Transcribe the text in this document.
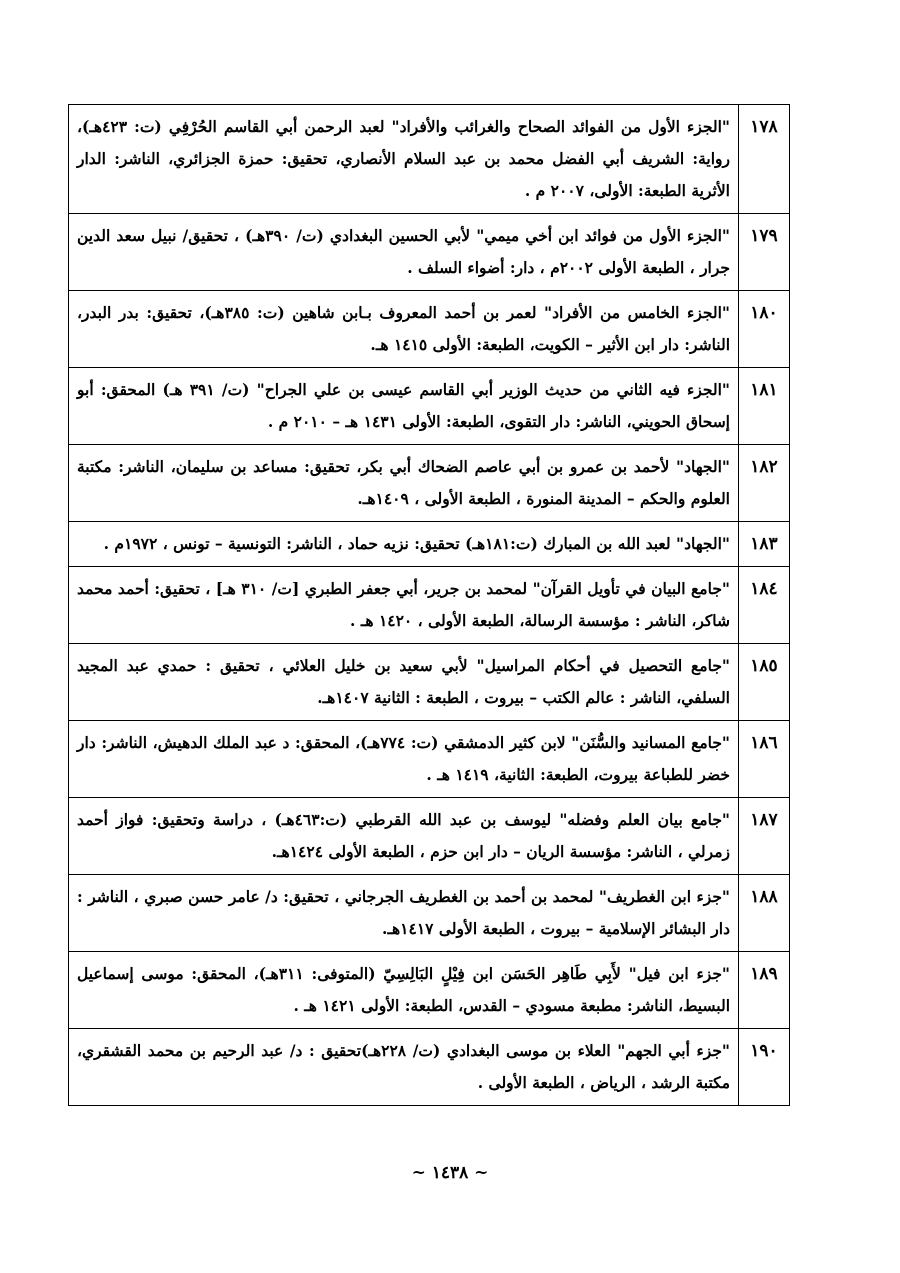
١٧٨	"الجزء الأول من الفوائد الصحاح والغرائب والأفراد" لعبد الرحمن أبي القاسم الحُرْفِي (ت: ٤٢٣هـ)، رواية: الشريف أبي الفضل محمد بن عبد السلام الأنصاري، تحقيق: حمزة الجزائري، الناشر: الدار الأثرية الطبعة: الأولى، ٢٠٠٧ م .
١٧٩	"الجزء الأول من فوائد ابن أخي ميمي" لأبي الحسين البغدادي (ت/ ٣٩٠هـ) ، تحقيق/ نبيل سعد الدين جرار ، الطبعة الأولى ٢٠٠٢م ، دار: أضواء السلف .
١٨٠	"الجزء الخامس من الأفراد" لعمر بن أحمد المعروف بـابن شاهين (ت: ٣٨٥هـ)، تحقيق: بدر البدر، الناشر: دار ابن الأثير – الكويت، الطبعة: الأولى ١٤١٥ هـ.
١٨١	"الجزء فيه الثاني من حديث الوزير أبي القاسم عيسى بن علي الجراح" (ت/ ٣٩١ هـ) المحقق: أبو إسحاق الحويني، الناشر: دار التقوى، الطبعة: الأولى ١٤٣١ هـ – ٢٠١٠ م .
١٨٢	"الجهاد" لأحمد بن عمرو بن أبي عاصم الضحاك أبي بكر، تحقيق: مساعد بن سليمان، الناشر: مكتبة العلوم والحكم – المدينة المنورة ، الطبعة الأولى ، ١٤٠٩هـ.
١٨٣	"الجهاد" لعبد الله بن المبارك (ت:١٨١هـ) تحقيق: نزيه حماد ، الناشر: التونسية – تونس ، ١٩٧٢م .
١٨٤	"جامع البيان في تأويل القرآن" لمحمد بن جرير، أبي جعفر الطبري [ت/ ٣١٠ هـ] ، تحقيق: أحمد محمد شاكر، الناشر : مؤسسة الرسالة، الطبعة الأولى ، ١٤٢٠ هـ .
١٨٥	"جامع التحصيل في أحكام المراسيل" لأبي سعيد بن خليل العلائي ، تحقيق : حمدي عبد المجيد السلفي، الناشر : عالم الكتب – بيروت ، الطبعة : الثانية ١٤٠٧هـ.
١٨٦	"جامع المسانيد والسُّنَن" لابن كثير الدمشقي (ت: ٧٧٤هـ)، المحقق: د عبد الملك الدهيش، الناشر: دار خضر للطباعة بيروت، الطبعة: الثانية، ١٤١٩ هـ .
١٨٧	"جامع بيان العلم وفضله" ليوسف بن عبد الله القرطبي (ت:٤٦٣هـ) ، دراسة وتحقيق: فواز أحمد زمرلي ، الناشر: مؤسسة الريان – دار ابن حزم ، الطبعة الأولى ١٤٢٤هـ.
١٨٨	"جزء ابن الغطريف" لمحمد بن أحمد بن الغطريف الجرجاني ، تحقيق: د/ عامر حسن صبري ، الناشر : دار البشائر الإسلامية – بيروت ، الطبعة الأولى ١٤١٧هـ.
١٨٩	"جزء ابن فيل" لأَبِي طَاهِر الحَسَن ابن فِيْلٍ البَالِسِيّ (المتوفى: ٣١١هـ)، المحقق: موسى إسماعيل البسيط، الناشر: مطبعة مسودي – القدس، الطبعة: الأولى ١٤٢١ هـ .
١٩٠	"جزء أبي الجهم" العلاء بن موسى البغدادي (ت/ ٢٢٨هـ)تحقيق : د/ عبد الرحيم بن محمد القشقري، مكتبة الرشد ، الرياض ، الطبعة الأولى .
~ ١٤٣٨ ~
